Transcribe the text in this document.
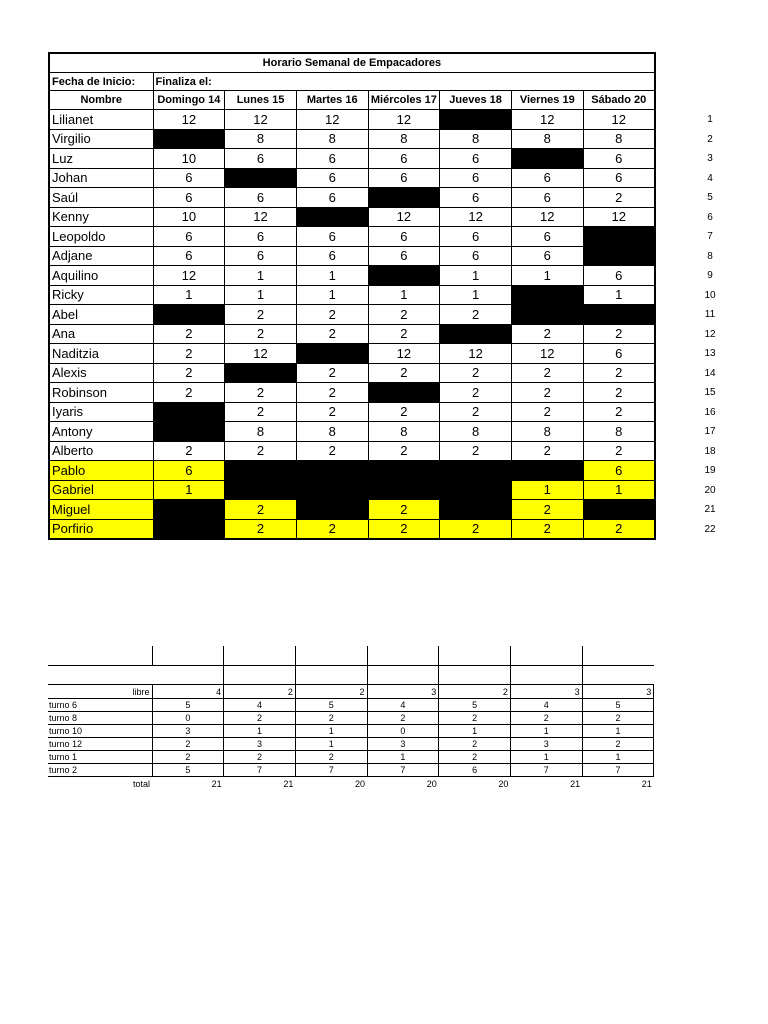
Horario Semanal de Empacadores							
Fecha de Inicio:	Finaliza el:						
Nombre	Domingo 14	Lunes 15	Martes 16	Miércoles 17	Jueves 18	Viernes 19	Sábado 20
Lilianet	12	12	12	12		12	12
Virgilio		8	8	8	8	8	8
Luz	10	6	6	6	6		6
Johan	6		6	6	6	6	6
Saúl	6	6	6		6	6	2
Kenny	10	12		12	12	12	12
Leopoldo	6	6	6	6	6	6	
Adjane	6	6	6	6	6	6	
Aquilino	12	1	1		1	1	6
Ricky	1	1	1	1	1		1
Abel		2	2	2	2		
Ana	2	2	2	2		2	2
Naditzia	2	12		12	12	12	6
Alexis	2		2	2	2	2	2
Robinson	2	2	2		2	2	2
Iyaris		2	2	2	2	2	2
Antony		8	8	8	8	8	8
Alberto	2	2	2	2	2	2	2
Pablo	6						6
Gabriel	1					1	1
Miguel		2		2		2	
Porfirio		2	2	2	2	2	2
1
2
3
4
5
6
7
8
9
10
11
12
13
14
15
16
17
18
19
20
21
22

libre	4	2	2	3	2	3	3
turno 6	5	4	5	4	5	4	5
turno 8	0	2	2	2	2	2	2
turno 10	3	1	1	0	1	1	1
turno 12	2	3	1	3	2	3	2
turno 1	2	2	2	1	2	1	1
turno 2	5	7	7	7	6	7	7
total	21	21	20	20	20	21	21
